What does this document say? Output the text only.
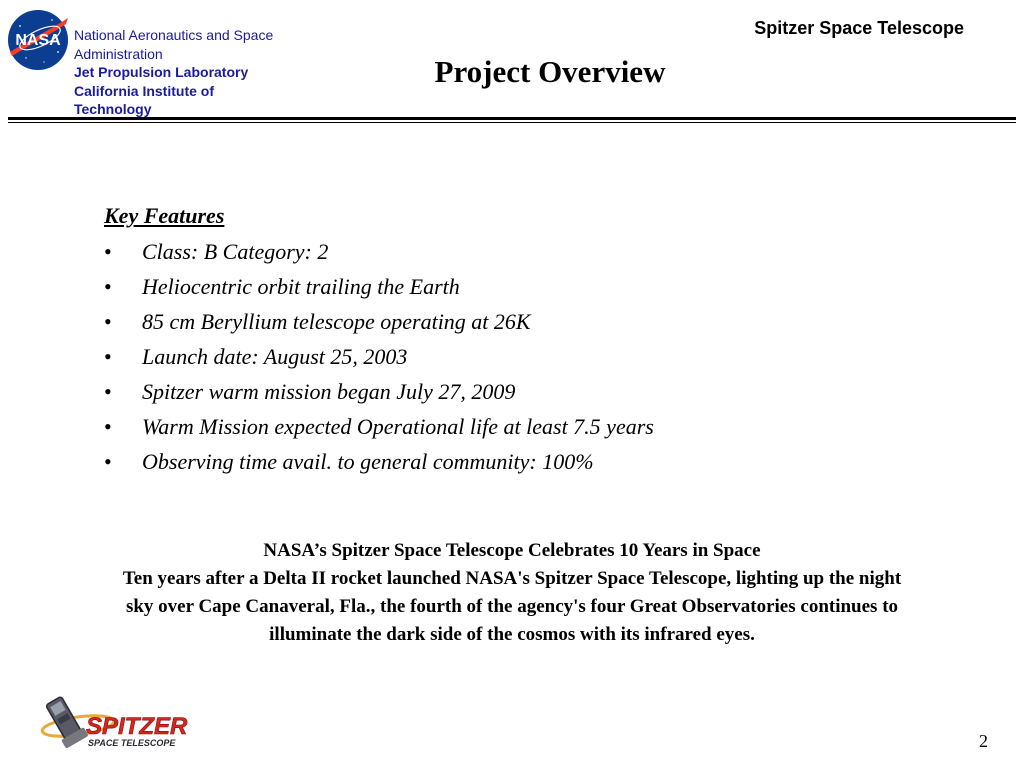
NASA National Aeronautics and Space
Administration
Jet Propulsion Laboratory
California Institute of
Technology
Spitzer Space Telescope
Project Overview
Key Features
• Class: B Category: 2
• Heliocentric orbit trailing the Earth
• 85 cm Beryllium telescope operating at 26K
• Launch date: August 25, 2003
• Spitzer warm mission began July 27, 2009
• Warm Mission expected Operational life at least 7.5 years
• Observing time avail. to general community: 100%
NASA’s Spitzer Space Telescope Celebrates 10 Years in Space
Ten years after a Delta II rocket launched NASA's Spitzer Space Telescope, lighting up the night
sky over Cape Canaveral, Fla., the fourth of the agency's four Great Observatories continues to
illuminate the dark side of the cosmos with its infrared eyes.
SPITZER
SPACE TELESCOPE	2
